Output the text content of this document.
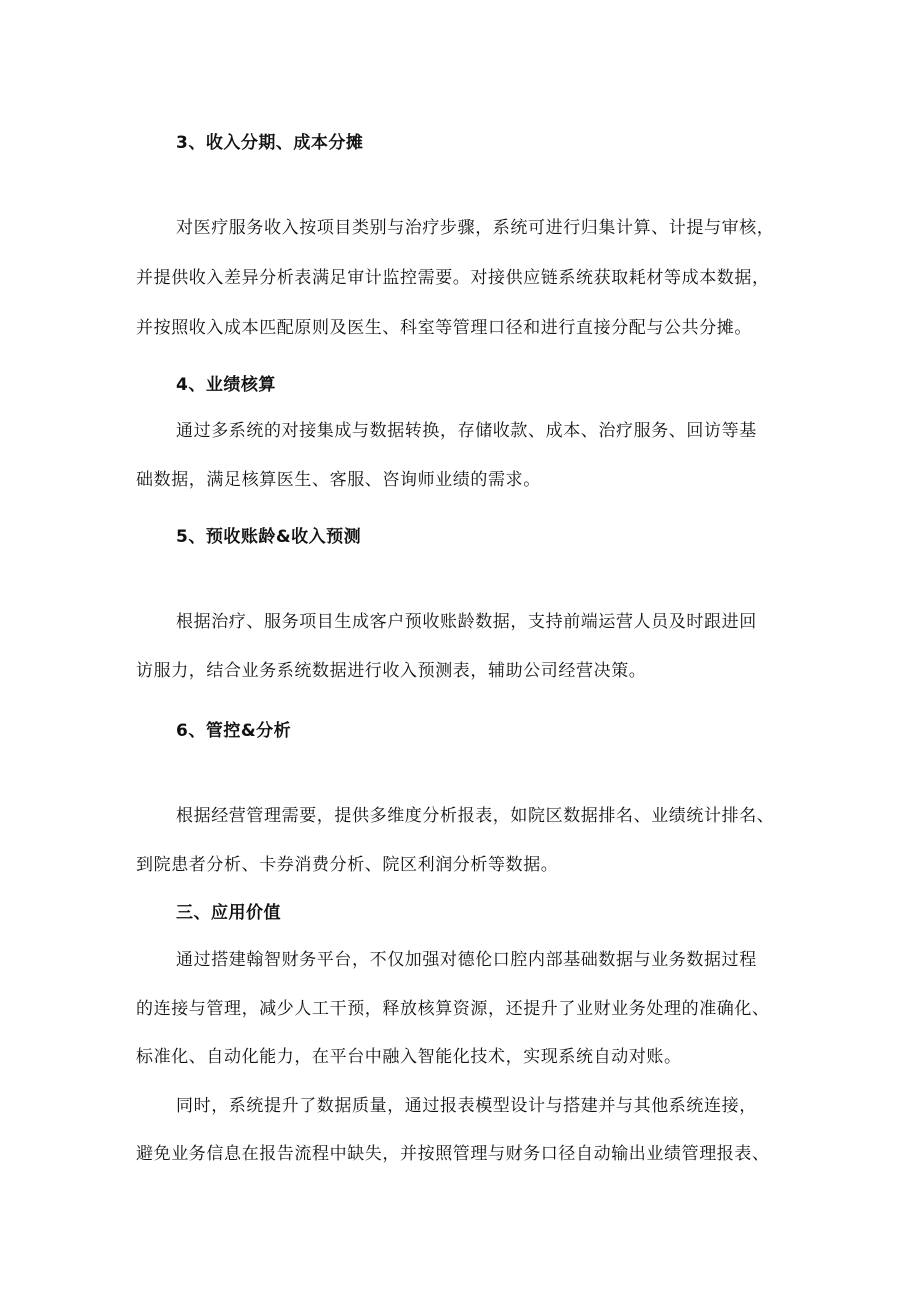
3、收入分期、成本分摊
对医疗服务收入按项目类别与治疗步骤，系统可进行归集计算、计提与审核，
并提供收入差异分析表满足审计监控需要。对接供应链系统获取耗材等成本数据，
并按照收入成本匹配原则及医生、科室等管理口径和进行直接分配与公共分摊。
4、业绩核算
通过多系统的对接集成与数据转换，存储收款、成本、治疗服务、回访等基
础数据，满足核算医生、客服、咨询师业绩的需求。
5、预收账龄&收入预测
根据治疗、服务项目生成客户预收账龄数据，支持前端运营人员及时跟进回
访服力，结合业务系统数据进行收入预测表，辅助公司经营决策。
6、管控&分析
根据经营管理需要，提供多维度分析报表，如院区数据排名、业绩统计排名、
到院患者分析、卡券消费分析、院区利润分析等数据。
三、应用价值
通过搭建翰智财务平台，不仅加强对德伦口腔内部基础数据与业务数据过程
的连接与管理，减少人工干预，释放核算资源，还提升了业财业务处理的准确化、
标准化、自动化能力，在平台中融入智能化技术，实现系统自动对账。
同时，系统提升了数据质量，通过报表模型设计与搭建并与其他系统连接，
避免业务信息在报告流程中缺失，并按照管理与财务口径自动输出业绩管理报表、
